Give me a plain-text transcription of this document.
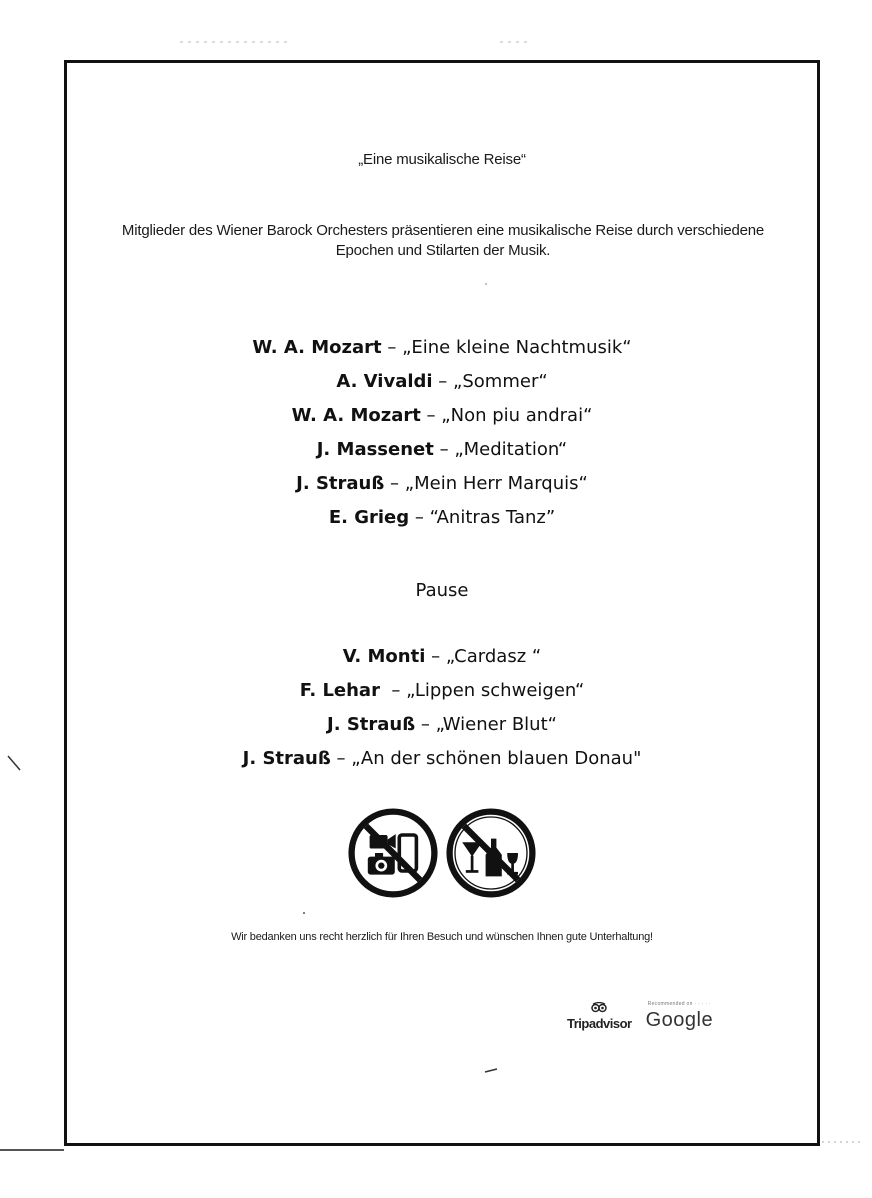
„Eine musikalische Reise“
Mitglieder des Wiener Barock Orchesters präsentieren eine musikalische Reise durch verschiedene Epochen und Stilarten der Musik.
W. A. Mozart – „Eine kleine Nachtmusik“
A. Vivaldi – „Sommer“
W. A. Mozart – „Non piu andrai“
J. Massenet – „Meditation“
J. Strauß – „Mein Herr Marquis“
E. Grieg – “Anitras Tanz”
Pause
V. Monti – „Cardasz “
F. Lehar  – „Lippen schweigen“
J. Strauß – „Wiener Blut“
J. Strauß – „An der schönen blauen Donau"
Wir bedanken uns recht herzlich für Ihren Besuch und wünschen Ihnen gute Unterhaltung!
Tripadvisor
Recommended on · · · · ·
Google
